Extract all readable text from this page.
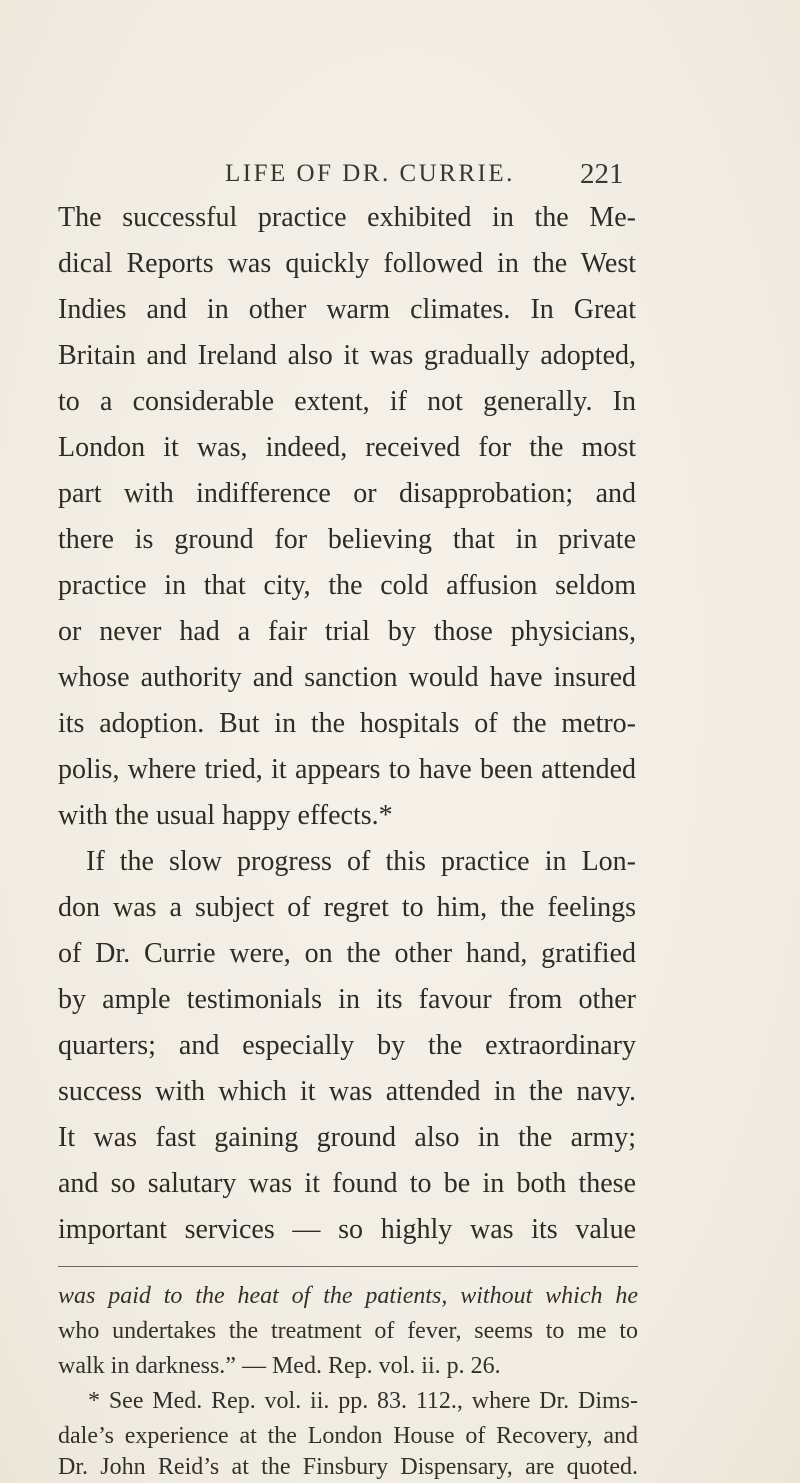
LIFE OF DR. CURRIE. 221
The successful practice exhibited in the Me-
dical Reports was quickly followed in the West
Indies and in other warm climates. In Great
Britain and Ireland also it was gradually adopted,
to a considerable extent, if not generally. In
London it was, indeed, received for the most
part with indifference or disapprobation; and
there is ground for believing that in private
practice in that city, the cold affusion seldom
or never had a fair trial by those physicians,
whose authority and sanction would have insured
its adoption. But in the hospitals of the metro-
polis, where tried, it appears to have been attended
with the usual happy effects.*
If the slow progress of this practice in Lon-
don was a subject of regret to him, the feelings
of Dr. Currie were, on the other hand, gratified
by ample testimonials in its favour from other
quarters; and especially by the extraordinary
success with which it was attended in the navy.
It was fast gaining ground also in the army;
and so salutary was it found to be in both these
important services — so highly was its value
was paid to the heat of the patients, without which he
who undertakes the treatment of fever, seems to me to
walk in darkness.” — Med. Rep. vol. ii. p. 26.
* See Med. Rep. vol. ii. pp. 83. 112., where Dr. Dims-
dale’s experience at the London House of Recovery, and
Dr. John Reid’s at the Finsbury Dispensary, are quoted.
